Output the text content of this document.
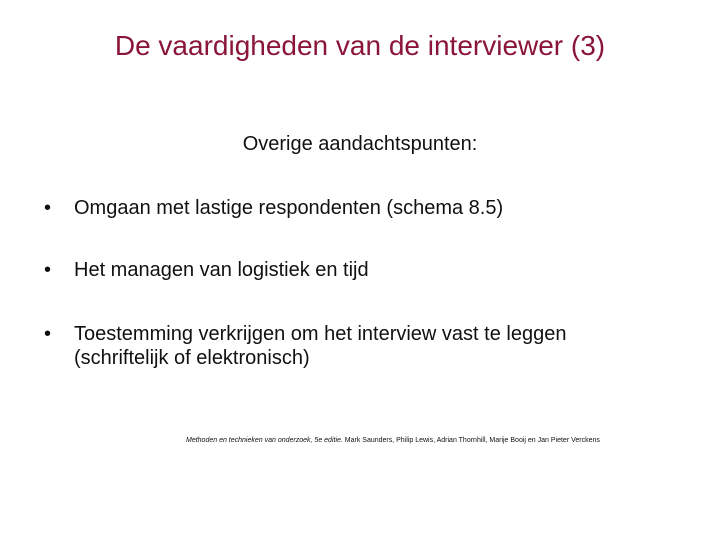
De vaardigheden van de interviewer (3)
Overige aandachtspunten:
•	Omgaan met lastige respondenten (schema 8.5)
•	Het managen van logistiek en tijd
•	Toestemming verkrijgen om het interview vast te leggen (schriftelijk of elektronisch)
Methoden en technieken van onderzoek, 5e editie. Mark Saunders, Philip Lewis, Adrian Thornhill, Marije Booij en Jan Pieter Verckens
